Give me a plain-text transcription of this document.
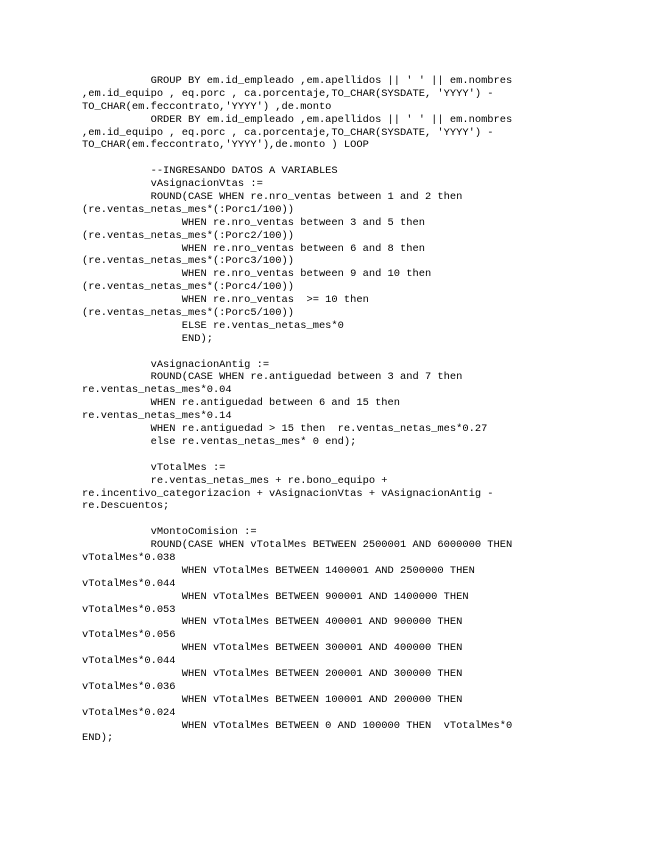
GROUP BY em.id_empleado ,em.apellidos || ' ' || em.nombres
,em.id_equipo , eq.porc , ca.porcentaje,TO_CHAR(SYSDATE, 'YYYY') -
TO_CHAR(em.feccontrato,'YYYY') ,de.monto
ORDER BY em.id_empleado ,em.apellidos || ' ' || em.nombres
,em.id_equipo , eq.porc , ca.porcentaje,TO_CHAR(SYSDATE, 'YYYY') -
TO_CHAR(em.feccontrato,'YYYY'),de.monto ) LOOP
--INGRESANDO DATOS A VARIABLES
vAsignacionVtas :=
ROUND(CASE WHEN re.nro_ventas between 1 and 2 then
(re.ventas_netas_mes*(:Porc1/100))
WHEN re.nro_ventas between 3 and 5 then
(re.ventas_netas_mes*(:Porc2/100))
WHEN re.nro_ventas between 6 and 8 then
(re.ventas_netas_mes*(:Porc3/100))
WHEN re.nro_ventas between 9 and 10 then
(re.ventas_netas_mes*(:Porc4/100))
WHEN re.nro_ventas  >= 10 then
(re.ventas_netas_mes*(:Porc5/100))
ELSE re.ventas_netas_mes*0
END);
vAsignacionAntig :=
ROUND(CASE WHEN re.antiguedad between 3 and 7 then
re.ventas_netas_mes*0.04
WHEN re.antiguedad between 6 and 15 then
re.ventas_netas_mes*0.14
WHEN re.antiguedad > 15 then  re.ventas_netas_mes*0.27
else re.ventas_netas_mes* 0 end);
vTotalMes :=
re.ventas_netas_mes + re.bono_equipo +
re.incentivo_categorizacion + vAsignacionVtas + vAsignacionAntig -
re.Descuentos;
vMontoComision :=
ROUND(CASE WHEN vTotalMes BETWEEN 2500001 AND 6000000 THEN
vTotalMes*0.038
WHEN vTotalMes BETWEEN 1400001 AND 2500000 THEN
vTotalMes*0.044
WHEN vTotalMes BETWEEN 900001 AND 1400000 THEN
vTotalMes*0.053
WHEN vTotalMes BETWEEN 400001 AND 900000 THEN
vTotalMes*0.056
WHEN vTotalMes BETWEEN 300001 AND 400000 THEN
vTotalMes*0.044
WHEN vTotalMes BETWEEN 200001 AND 300000 THEN
vTotalMes*0.036
WHEN vTotalMes BETWEEN 100001 AND 200000 THEN
vTotalMes*0.024
WHEN vTotalMes BETWEEN 0 AND 100000 THEN  vTotalMes*0
END);
